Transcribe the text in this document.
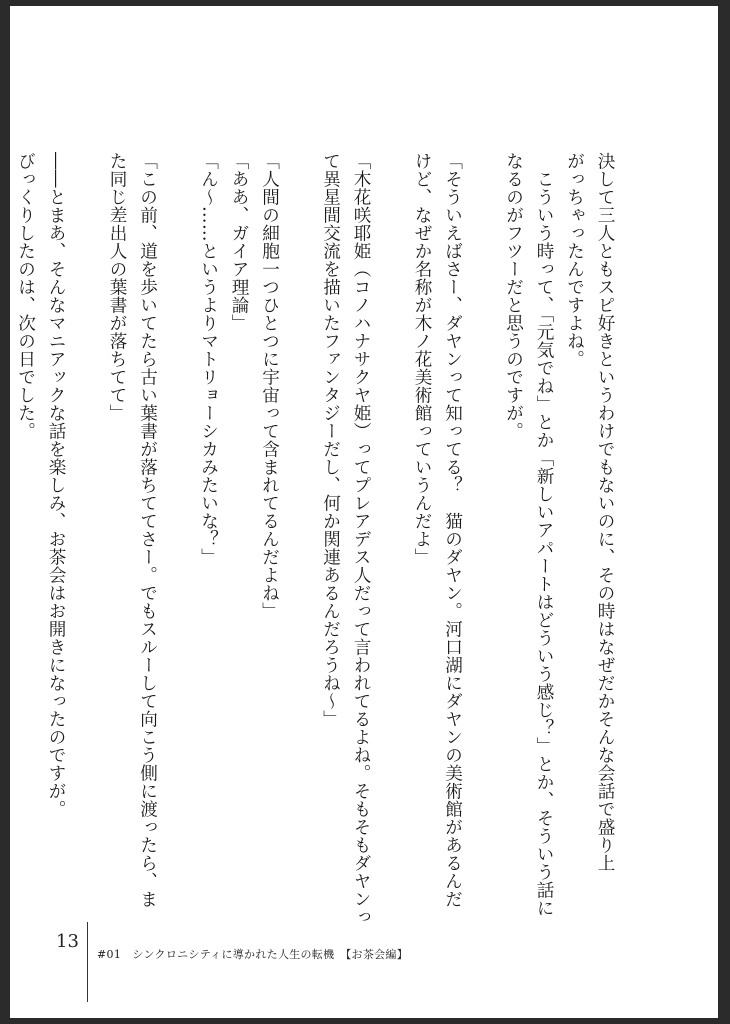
決して三人ともスピ好きというわけでもないのに、その時はなぜだかそんな会話で盛り上

がっちゃったんですよね。

　こういう時って、「元気でね」とか「新しいアパートはどういう感じ？」とか、そういう話に

なるのがフツーだと思うのですが。

「そういえばさー、ダヤンって知ってる？　猫のダヤン。河口湖にダヤンの美術館があるんだ

けど、なぜか名称が木ノ花美術館っていうんだよ」

「木花咲耶姫（コノハナサクヤ姫）ってプレアデス人だって言われてるよね。そもそもダヤンっ

て異星間交流を描いたファンタジーだし、何か関連あるんだろうね～」

「人間の細胞一つひとつに宇宙って含まれてるんだよね」

「ああ、ガイア理論」

「ん～……というよりマトリョーシカみたいな？」

「この前、道を歩いてたら古い葉書が落ちててさー。でもスルーして向こう側に渡ったら、ま

た同じ差出人の葉書が落ちてて」

――とまあ、そんなマニアックな話を楽しみ、お茶会はお開きになったのですが。

びっくりしたのは、次の日でした。

13
#01　シンクロニシティに導かれた人生の転機　【お茶会編】
